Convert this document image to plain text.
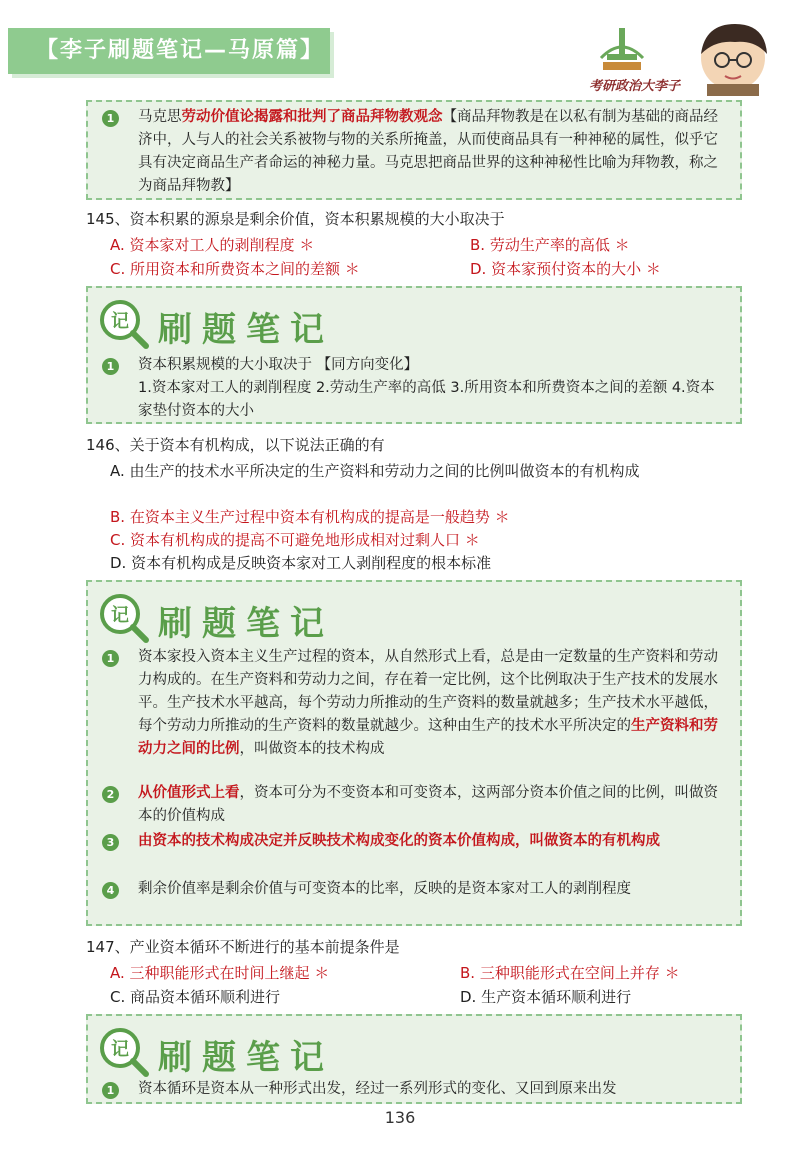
【李子刷题笔记—马原篇】
考研政治大李子
1	马克思劳动价值论揭露和批判了商品拜物教观念【商品拜物教是在以私有制为基础的商品经济中，人与人的社会关系被物与物的关系所掩盖，从而使商品具有一种神秘的属性，似乎它具有决定商品生产者命运的神秘力量。马克思把商品世界的这种神秘性比喻为拜物教，称之为商品拜物教】
145、资本积累的源泉是剩余价值，资本积累规模的大小取决于
A. 资本家对工人的剥削程度 ＊	B. 劳动生产率的高低 ＊
C. 所用资本和所费资本之间的差额 ＊	D. 资本家预付资本的大小 ＊
记 刷题笔记
1	资本积累规模的大小取决于 【同方向变化】
1.资本家对工人的剥削程度 2.劳动生产率的高低 3.所用资本和所费资本之间的差额 4.资本家垫付资本的大小
146、关于资本有机构成，以下说法正确的有
A. 由生产的技术水平所决定的生产资料和劳动力之间的比例叫做资本的有机构成
B. 在资本主义生产过程中资本有机构成的提高是一般趋势 ＊
C. 资本有机构成的提高不可避免地形成相对过剩人口 ＊
D. 资本有机构成是反映资本家对工人剥削程度的根本标准
记 刷题笔记
1	资本家投入资本主义生产过程的资本，从自然形式上看，总是由一定数量的生产资料和劳动力构成的。在生产资料和劳动力之间，存在着一定比例，这个比例取决于生产技术的发展水平。生产技术水平越高，每个劳动力所推动的生产资料的数量就越多；生产技术水平越低，每个劳动力所推动的生产资料的数量就越少。这种由生产的技术水平所决定的生产资料和劳动力之间的比例，叫做资本的技术构成
2	从价值形式上看，资本可分为不变资本和可变资本，这两部分资本价值之间的比例，叫做资本的价值构成
3	由资本的技术构成决定并反映技术构成变化的资本价值构成，叫做资本的有机构成
4	剩余价值率是剩余价值与可变资本的比率，反映的是资本家对工人的剥削程度
147、产业资本循环不断进行的基本前提条件是
A. 三种职能形式在时间上继起 ＊	B. 三种职能形式在空间上并存 ＊
C. 商品资本循环顺利进行	D. 生产资本循环顺利进行
记 刷题笔记
1	资本循环是资本从一种形式出发，经过一系列形式的变化、又回到原来出发
136
